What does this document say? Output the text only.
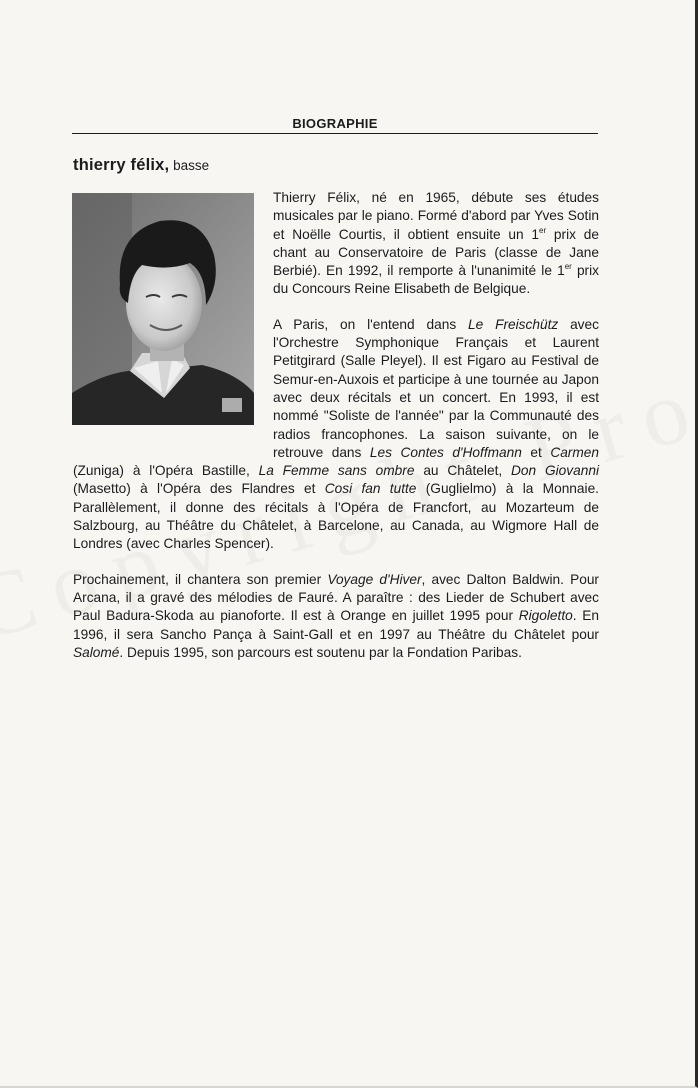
BIOGRAPHIE
thierry félix, basse

Thierry Félix, né en 1965, débute ses études musicales par le piano. Formé d'abord par Yves Sotin et Noëlle Courtis, il obtient ensuite un 1er prix de chant au Conservatoire de Paris (classe de Jane Berbié). En 1992, il remporte à l'unanimité le 1er prix du Concours Reine Elisabeth de Belgique.

A Paris, on l'entend dans Le Freischütz avec l'Orchestre Symphonique Français et Laurent Petitgirard (Salle Pleyel). Il est Figaro au Festival de Semur-en-Auxois et participe à une tournée au Japon avec deux récitals et un concert. En 1993, il est nommé "Soliste de l'année" par la Communauté des radios francophones. La saison suivante, on le retrouve dans Les Contes d'Hoffmann et Carmen (Zuniga) à l'Opéra Bastille, La Femme sans ombre au Châtelet, Don Giovanni (Masetto) à l'Opéra des Flandres et Cosi fan tutte (Guglielmo) à la Monnaie. Parallèlement, il donne des récitals à l'Opéra de Francfort, au Mozarteum de Salzbourg, au Théâtre du Châtelet, à Barcelone, au Canada, au Wigmore Hall de Londres (avec Charles Spencer).

Prochainement, il chantera son premier Voyage d'Hiver, avec Dalton Baldwin. Pour Arcana, il a gravé des mélodies de Fauré. A paraître : des Lieder de Schubert avec Paul Badura-Skoda au pianoforte. Il est à Orange en juillet 1995 pour Rigoletto. En 1996, il sera Sancho Pança à Saint-Gall et en 1997 au Théâtre du Châtelet pour Salomé. Depuis 1995, son parcours est soutenu par la Fondation Paribas.
